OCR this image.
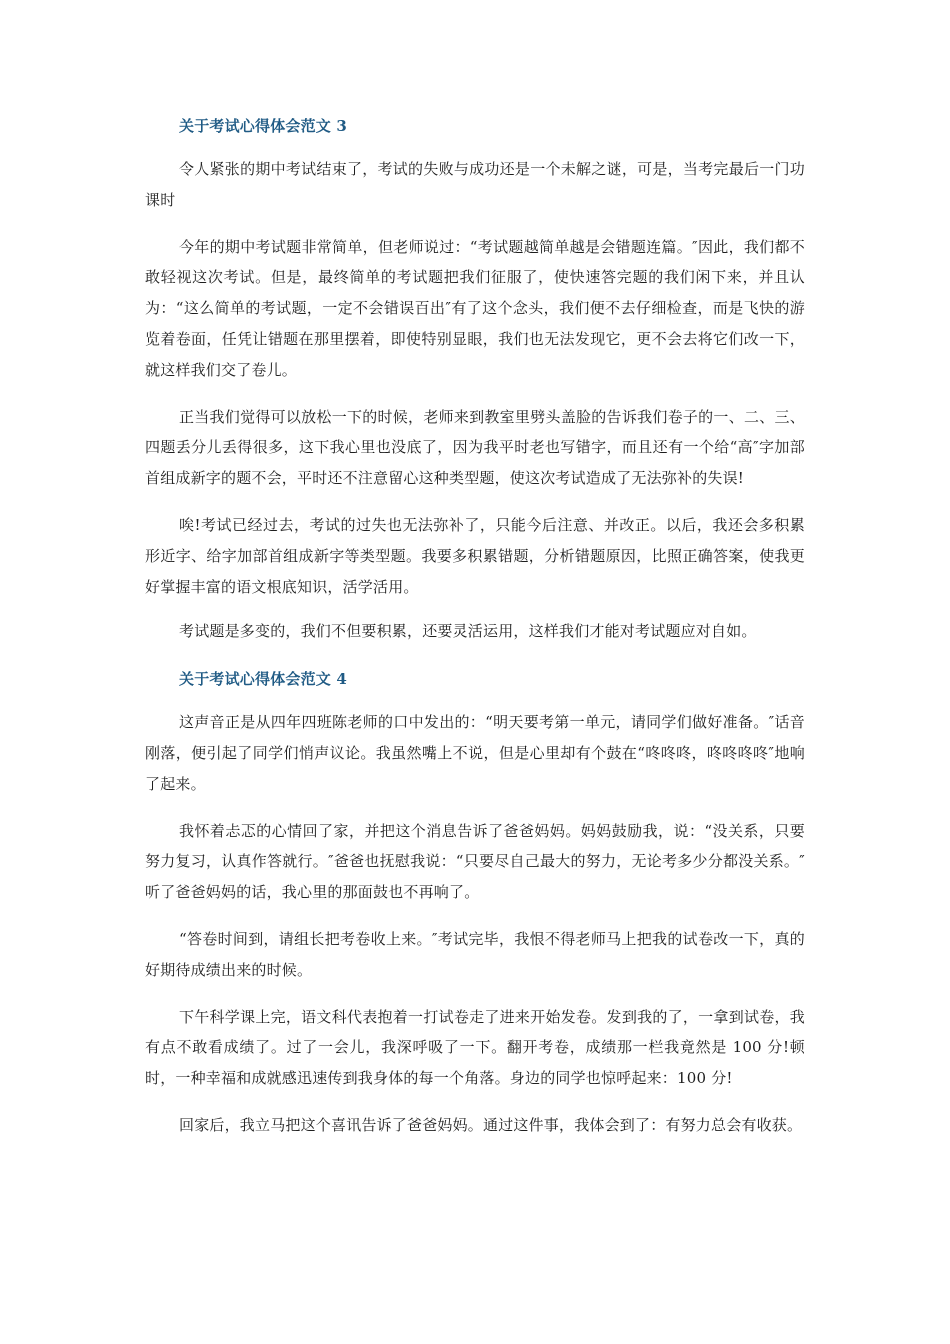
关于考试心得体会范文 3

令人紧张的期中考试结束了，考试的失败与成功还是一个未解之谜，可是，当考完最后一门功课时

今年的期中考试题非常简单，但老师说过：“考试题越简单越是会错题连篇。″因此，我们都不敢轻视这次考试。但是，最终简单的考试题把我们征服了，使快速答完题的我们闲下来，并且认为：“这么简单的考试题，一定不会错误百出″有了这个念头，我们便不去仔细检查，而是飞快的游览着卷面，任凭让错题在那里摆着，即使特别显眼，我们也无法发现它，更不会去将它们改一下，就这样我们交了卷儿。

正当我们觉得可以放松一下的时候，老师来到教室里劈头盖脸的告诉我们卷子的一、二、三、四题丢分儿丢得很多，这下我心里也没底了，因为我平时老也写错字，而且还有一个给“高″字加部首组成新字的题不会，平时还不注意留心这种类型题，使这次考试造成了无法弥补的失误!

唉!考试已经过去，考试的过失也无法弥补了，只能今后注意、并改正。以后，我还会多积累形近字、给字加部首组成新字等类型题。我要多积累错题，分析错题原因，比照正确答案，使我更好掌握丰富的语文根底知识，活学活用。

考试题是多变的，我们不但要积累，还要灵活运用，这样我们才能对考试题应对自如。

关于考试心得体会范文 4

这声音正是从四年四班陈老师的口中发出的：“明天要考第一单元，请同学们做好准备。″话音刚落，便引起了同学们悄声议论。我虽然嘴上不说，但是心里却有个鼓在“咚咚咚，咚咚咚咚″地响了起来。

我怀着忐忑的心情回了家，并把这个消息告诉了爸爸妈妈。妈妈鼓励我，说：“没关系，只要努力复习，认真作答就行。″爸爸也抚慰我说：“只要尽自己最大的努力，无论考多少分都没关系。″听了爸爸妈妈的话，我心里的那面鼓也不再响了。

“答卷时间到，请组长把考卷收上来。″考试完毕，我恨不得老师马上把我的试卷改一下，真的好期待成绩出来的时候。

下午科学课上完，语文科代表抱着一打试卷走了进来开始发卷。发到我的了，一拿到试卷，我有点不敢看成绩了。过了一会儿，我深呼吸了一下。翻开考卷，成绩那一栏我竟然是 100 分!顿时，一种幸福和成就感迅速传到我身体的每一个角落。身边的同学也惊呼起来：100 分!

回家后，我立马把这个喜讯告诉了爸爸妈妈。通过这件事，我体会到了：有努力总会有收获。
